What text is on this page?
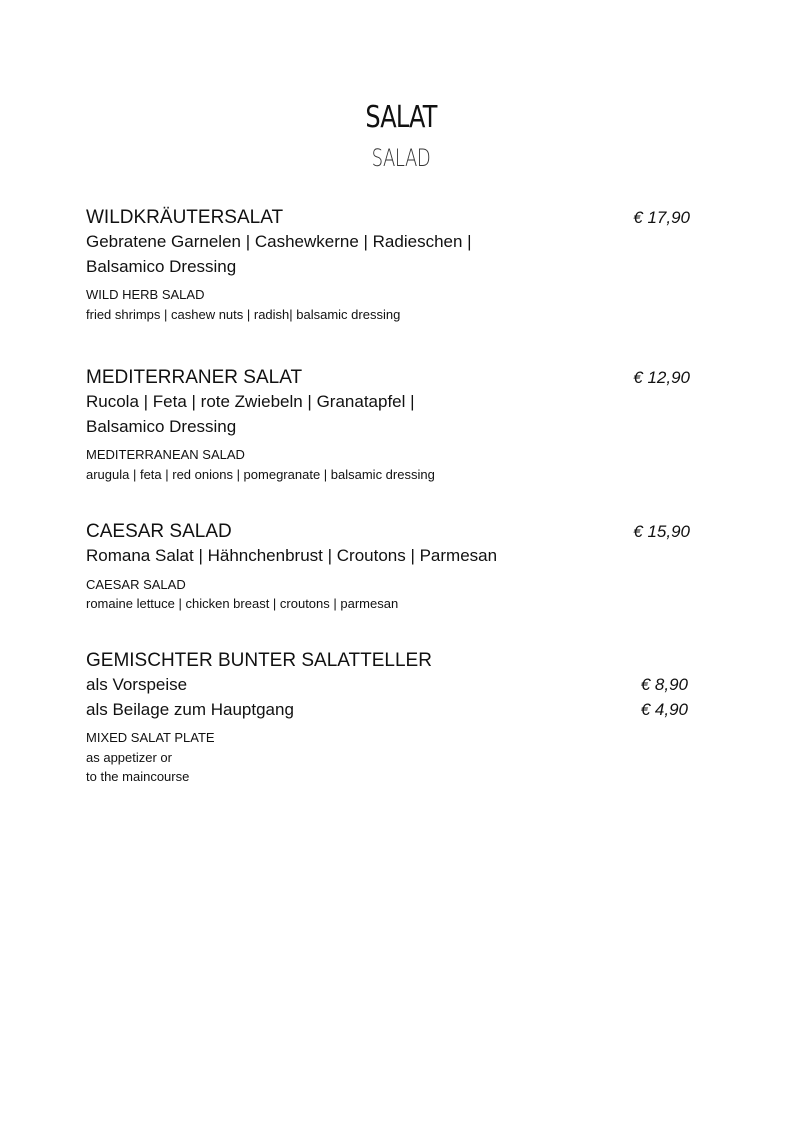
SALAT
SALAD
WILDKRÄUTERSALAT	€ 17,90
Gebratene Garnelen | Cashewkerne | Radieschen |
Balsamico Dressing
WILD HERB SALAD
fried shrimps | cashew nuts | radish| balsamic dressing
MEDITERRANER SALAT	€ 12,90
Rucola | Feta | rote Zwiebeln | Granatapfel |
Balsamico Dressing
MEDITERRANEAN SALAD
arugula | feta | red onions | pomegranate | balsamic dressing
CAESAR SALAD	€ 15,90
Romana Salat | Hähnchenbrust | Croutons | Parmesan
CAESAR SALAD
romaine lettuce | chicken breast | croutons | parmesan
GEMISCHTER BUNTER SALATTELLER
als Vorspeise	€ 8,90
als Beilage zum Hauptgang	€ 4,90
MIXED SALAT PLATE
as appetizer or
to the maincourse
